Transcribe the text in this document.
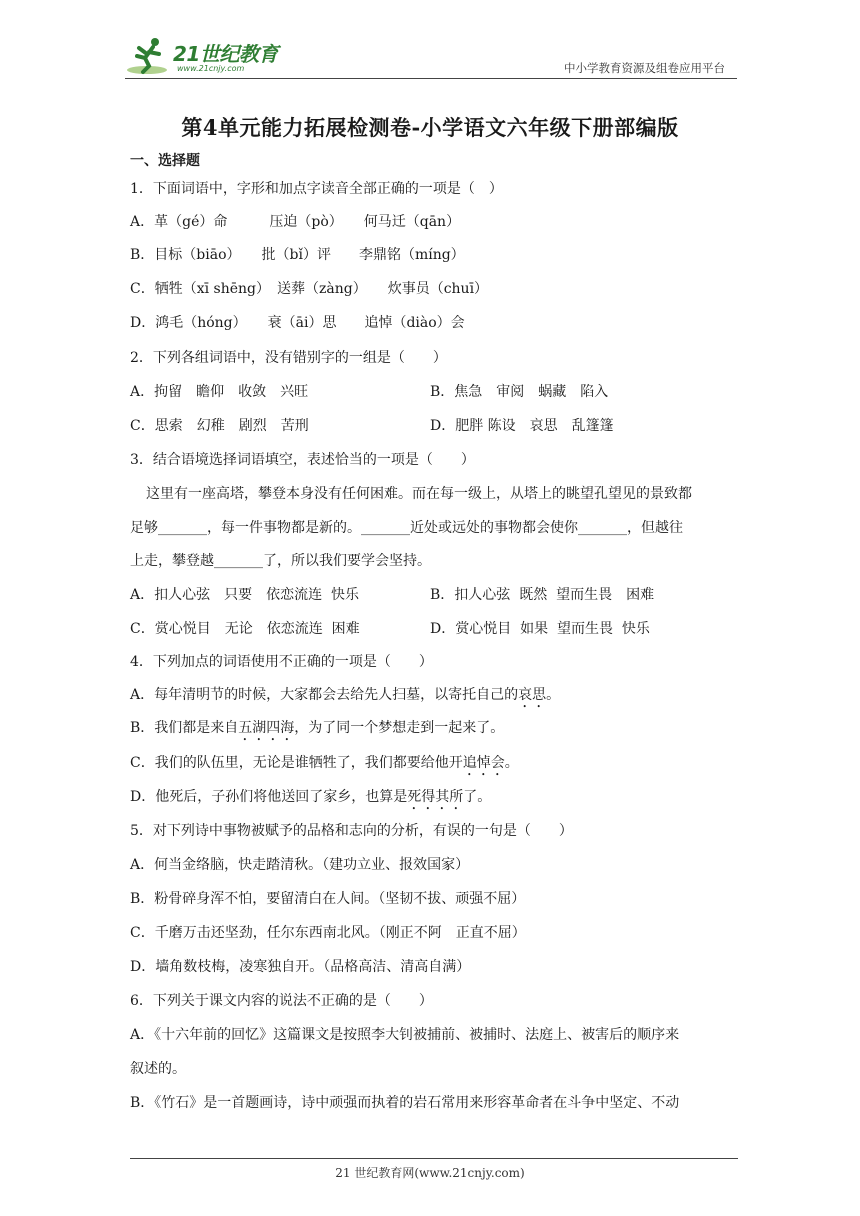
21世纪教育
www.21cnjy.com	中小学教育资源及组卷应用平台
第4单元能力拓展检测卷-小学语文六年级下册部编版
一、选择题
1．下面词语中，字形和加点字读音全部正确的一项是（　）
A．革（gé）命　　　压迫（pò）　　何马迁（qān）
B．目标（biāo）　　批（bǐ）评　　李鼎铭（míng）
C．牺牲（xī shēng）　送葬（zàng）　　炊事员（chuī）
D．鸿毛（hóng）　　衰（āi）思　　追悼（diào）会
2．下列各组词语中，没有错别字的一组是（　　）
A．拘留　瞻仰　收敛　兴旺	B．焦急　审阅　蜗藏　陷入
C．思索　幻稚　剧烈　苦刑	D．肥胖 陈设　哀思　乱篷篷
3．结合语境选择词语填空，表述恰当的一项是（　　）
这里有一座高塔，攀登本身没有任何困难。而在每一级上，从塔上的眺望孔望见的景致都
足够_______，每一件事物都是新的。_______近处或远处的事物都会使你_______，但越往
上走，攀登越_______了，所以我们要学会坚持。
A．扣人心弦　只要　依恋流连  快乐	B．扣人心弦  既然  望而生畏　困难
C．赏心悦目　无论　依恋流连  困难	D．赏心悦目  如果  望而生畏  快乐
4．下列加点的词语使用不正确的一项是（　　）
A．每年清明节的时候，大家都会去给先人扫墓，以寄托自己的哀思。
B．我们都是来自五湖四海，为了同一个梦想走到一起来了。
C．我们的队伍里，无论是谁牺牲了，我们都要给他开追悼会。
D．他死后，子孙们将他送回了家乡，也算是死得其所了。
5．对下列诗中事物被赋予的品格和志向的分析，有误的一句是（　　）
A．何当金络脑，快走踏清秋。（建功立业、报效国家）
B．粉骨碎身浑不怕，要留清白在人间。（坚韧不拔、顽强不屈）
C．千磨万击还坚劲，任尔东西南北风。（刚正不阿　正直不屈）
D．墙角数枝梅，凌寒独自开。（品格高洁、清高自满）
6．下列关于课文内容的说法不正确的是（　　）
A．《十六年前的回忆》这篇课文是按照李大钊被捕前、被捕时、法庭上、被害后的顺序来
叙述的。
B．《竹石》是一首题画诗，诗中顽强而执着的岩石常用来形容革命者在斗争中坚定、不动
21 世纪教育网(www.21cnjy.com)
